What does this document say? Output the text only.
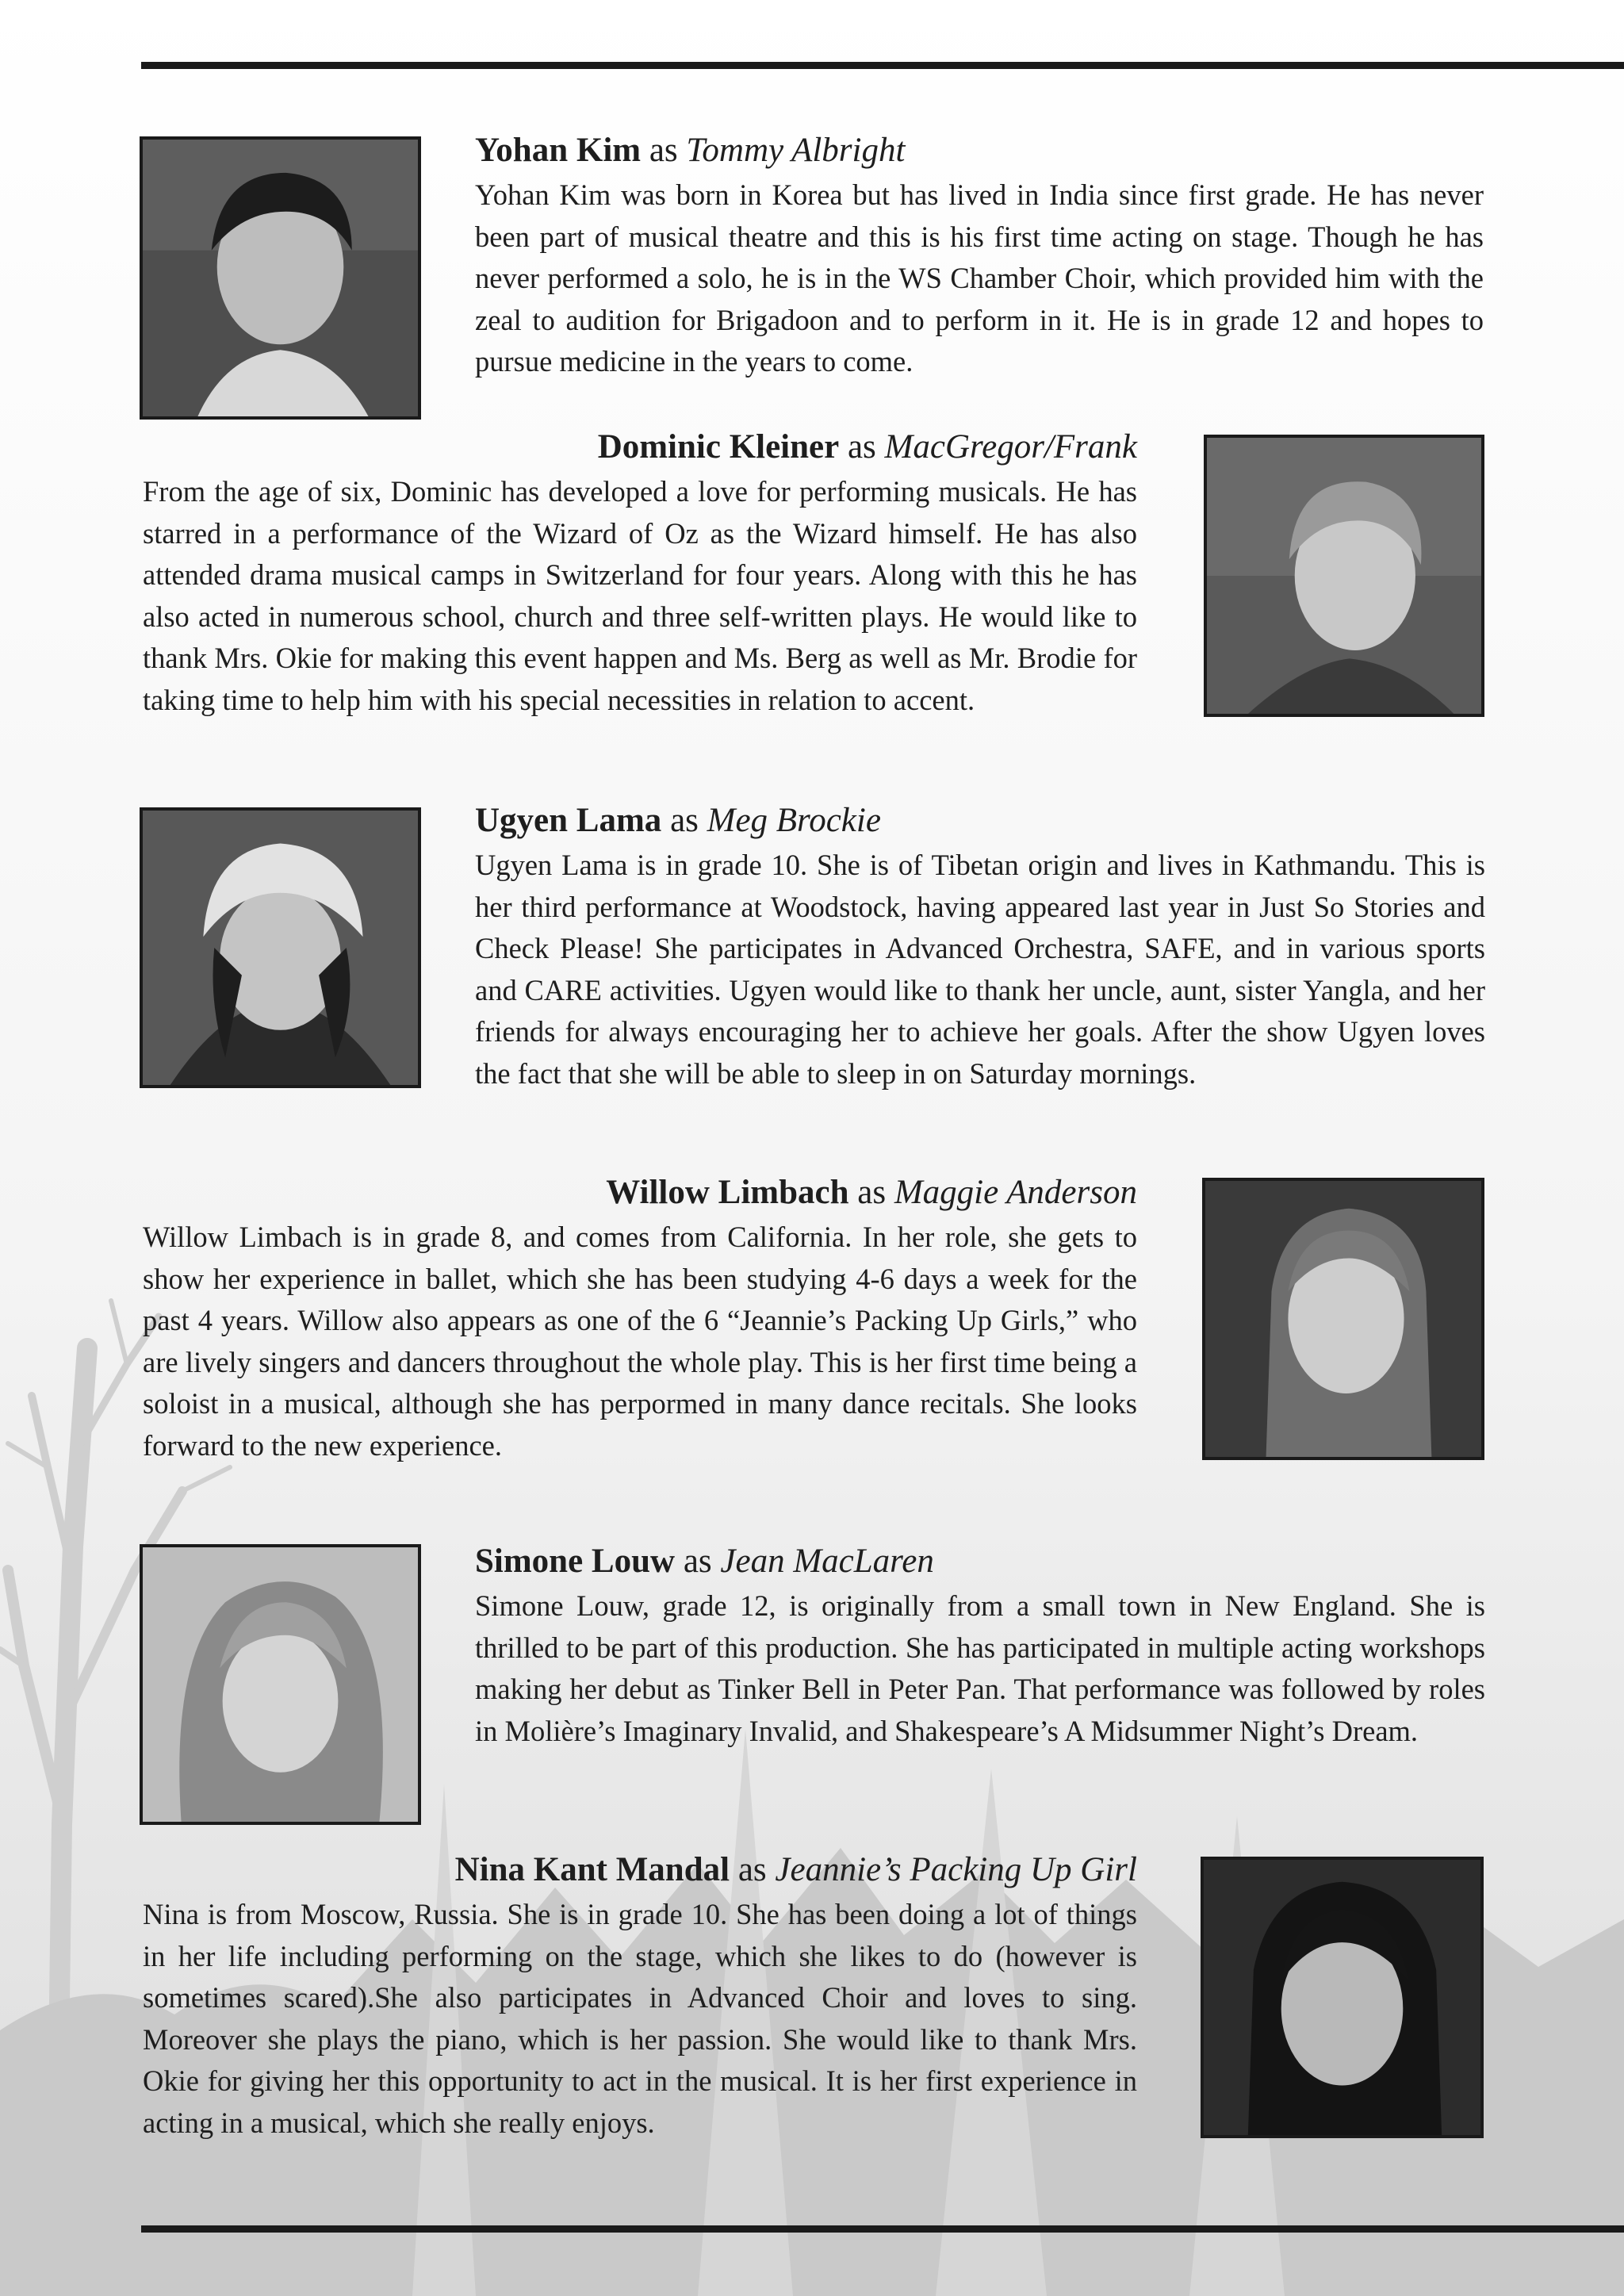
Yohan Kim as Tommy Albright

Yohan Kim was born in Korea but has lived in India since first grade. He has never been part of musical theatre and this is his first time acting on stage. Though he has never performed a solo, he is in the WS Chamber Choir, which provided him with the zeal to audition for Brigadoon and to perform in it. He is in grade 12 and hopes to pursue medicine in the years to come.

Dominic Kleiner as MacGregor/Frank

From the age of six, Dominic has developed a love for performing musicals. He has starred in a performance of the Wizard of Oz as the Wizard himself. He has also attended drama musical camps in Switzerland for four years. Along with this he has also acted in numerous school, church and three self-written plays. He would like to thank Mrs. Okie for making this event happen and Ms. Berg as well as Mr. Brodie for taking time to help him with his special necessities in relation to accent.

Ugyen Lama as Meg Brockie

Ugyen Lama is in grade 10. She is of Tibetan origin and lives in Kathmandu. This is her third performance at Woodstock, having appeared last year in Just So Stories and Check Please! She participates in Advanced Orchestra, SAFE, and in various sports and CARE activities. Ugyen would like to thank her uncle, aunt, sister Yangla, and her friends for always encouraging her to achieve her goals. After the show Ugyen loves the fact that she will be able to sleep in on Saturday mornings.

Willow Limbach as Maggie Anderson

Willow Limbach is in grade 8, and comes from California. In her role, she gets to show her experience in ballet, which she has been studying 4-6 days a week for the past 4 years. Willow also appears as one of the 6 “Jeannie’s Packing Up Girls,” who are lively singers and dancers throughout the whole play. This is her first time being a soloist in a musical, although she has perpormed in many dance recitals. She looks forward to the new experience.

Simone Louw as Jean MacLaren

Simone Louw, grade 12, is originally from a small town in New England. She is thrilled to be part of this production. She has participated in multiple acting workshops making her debut as Tinker Bell in Peter Pan. That performance was followed by roles in Molière’s Imaginary Invalid, and Shakespeare’s A Midsummer Night’s Dream.

Nina Kant Mandal as Jeannie’s Packing Up Girl

Nina is from Moscow, Russia. She is in grade 10. She has been doing a lot of things in her life including performing on the stage, which she likes to do (however is sometimes scared).She also participates in Advanced Choir and loves to sing. Moreover she plays the piano, which is her passion. She would like to thank Mrs. Okie for giving her this opportunity to act in the musical. It is her first experience in acting in a musical, which she really enjoys.
